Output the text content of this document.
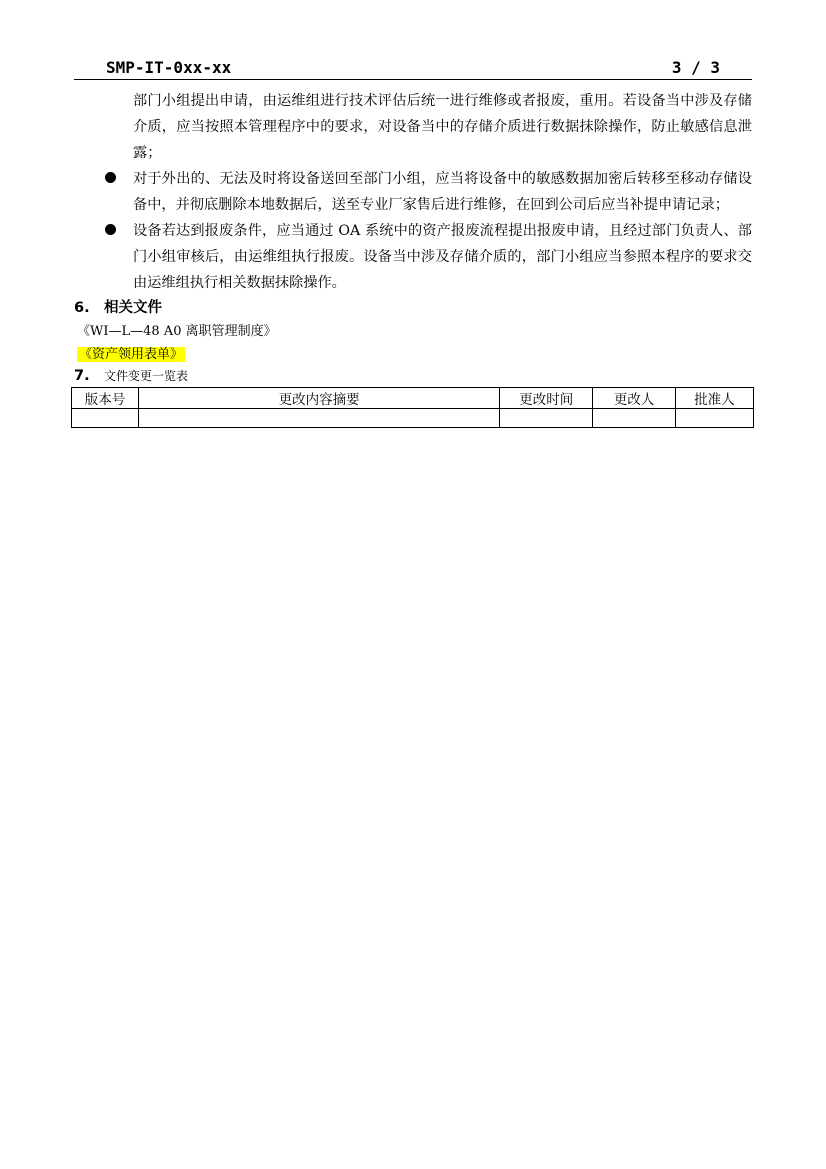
SMP-IT-0xx-xx	3 / 3
部门小组提出申请，由运维组进行技术评估后统一进行维修或者报废，重用。若设备当中涉及存储介质，应当按照本管理程序中的要求，对设备当中的存储介质进行数据抹除操作，防止敏感信息泄露；
对于外出的、无法及时将设备送回至部门小组，应当将设备中的敏感数据加密后转移至移动存储设备中，并彻底删除本地数据后，送至专业厂家售后进行维修，在回到公司后应当补提申请记录；
设备若达到报废条件，应当通过 OA 系统中的资产报废流程提出报废申请，且经过部门负责人、部门小组审核后，由运维组执行报废。设备当中涉及存储介质的，部门小组应当参照本程序的要求交由运维组执行相关数据抹除操作。
6. 相关文件
《WI—L—48 A0 离职管理制度》
《资产领用表单》
7. 文件变更一览表
版本号	更改内容摘要	更改时间	更改人	批准人
